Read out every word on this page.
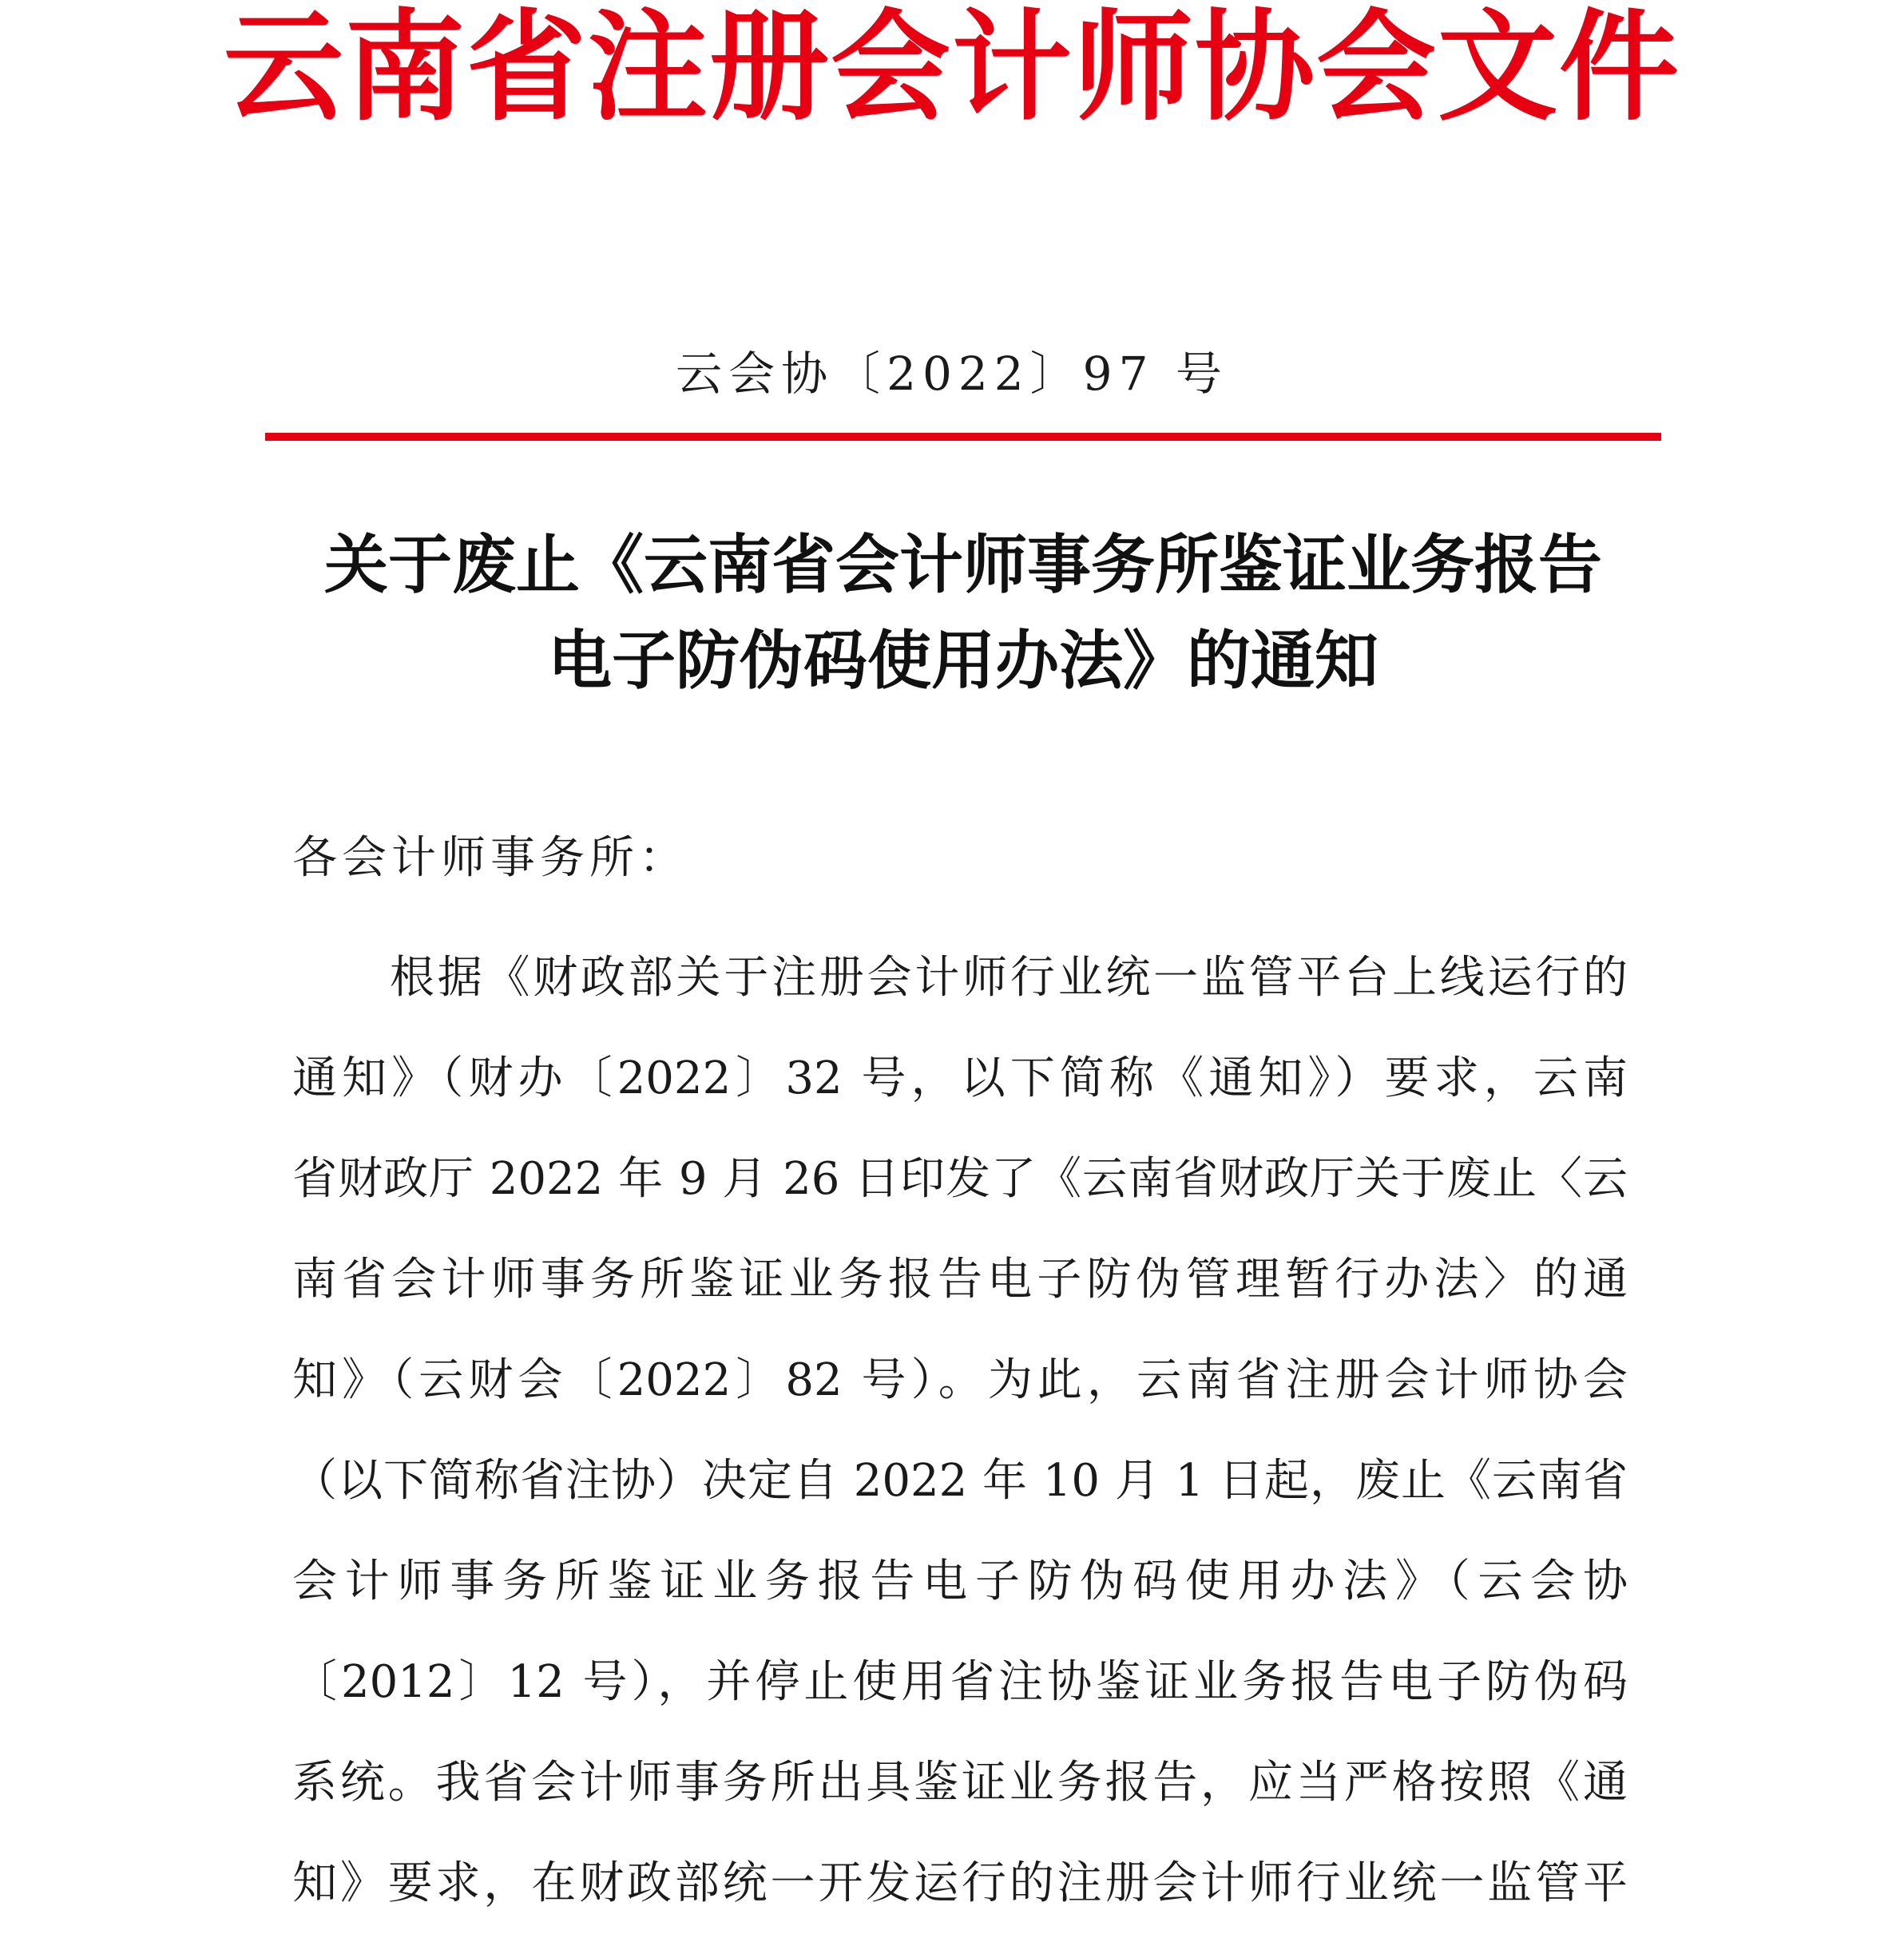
云南省注册会计师协会文件
云会协〔2022〕97 号
关于废止《云南省会计师事务所鉴证业务报告
电子防伪码使用办法》的通知
各会计师事务所：
根据《财政部关于注册会计师行业统一监管平台上线运行的
通知》（财办〔2022〕32 号，以下简称《通知》）要求，云南
省财政厅 2022 年 9 月 26 日印发了《云南省财政厅关于废止〈云
南省会计师事务所鉴证业务报告电子防伪管理暂行办法〉的通
知》（云财会〔2022〕82 号）。为此，云南省注册会计师协会
（以下简称省注协）决定自 2022 年 10 月 1 日起，废止《云南省
会计师事务所鉴证业务报告电子防伪码使用办法》（云会协
〔2012〕12 号），并停止使用省注协鉴证业务报告电子防伪码
系统。我省会计师事务所出具鉴证业务报告，应当严格按照《通
知》要求，在财政部统一开发运行的注册会计师行业统一监管平
